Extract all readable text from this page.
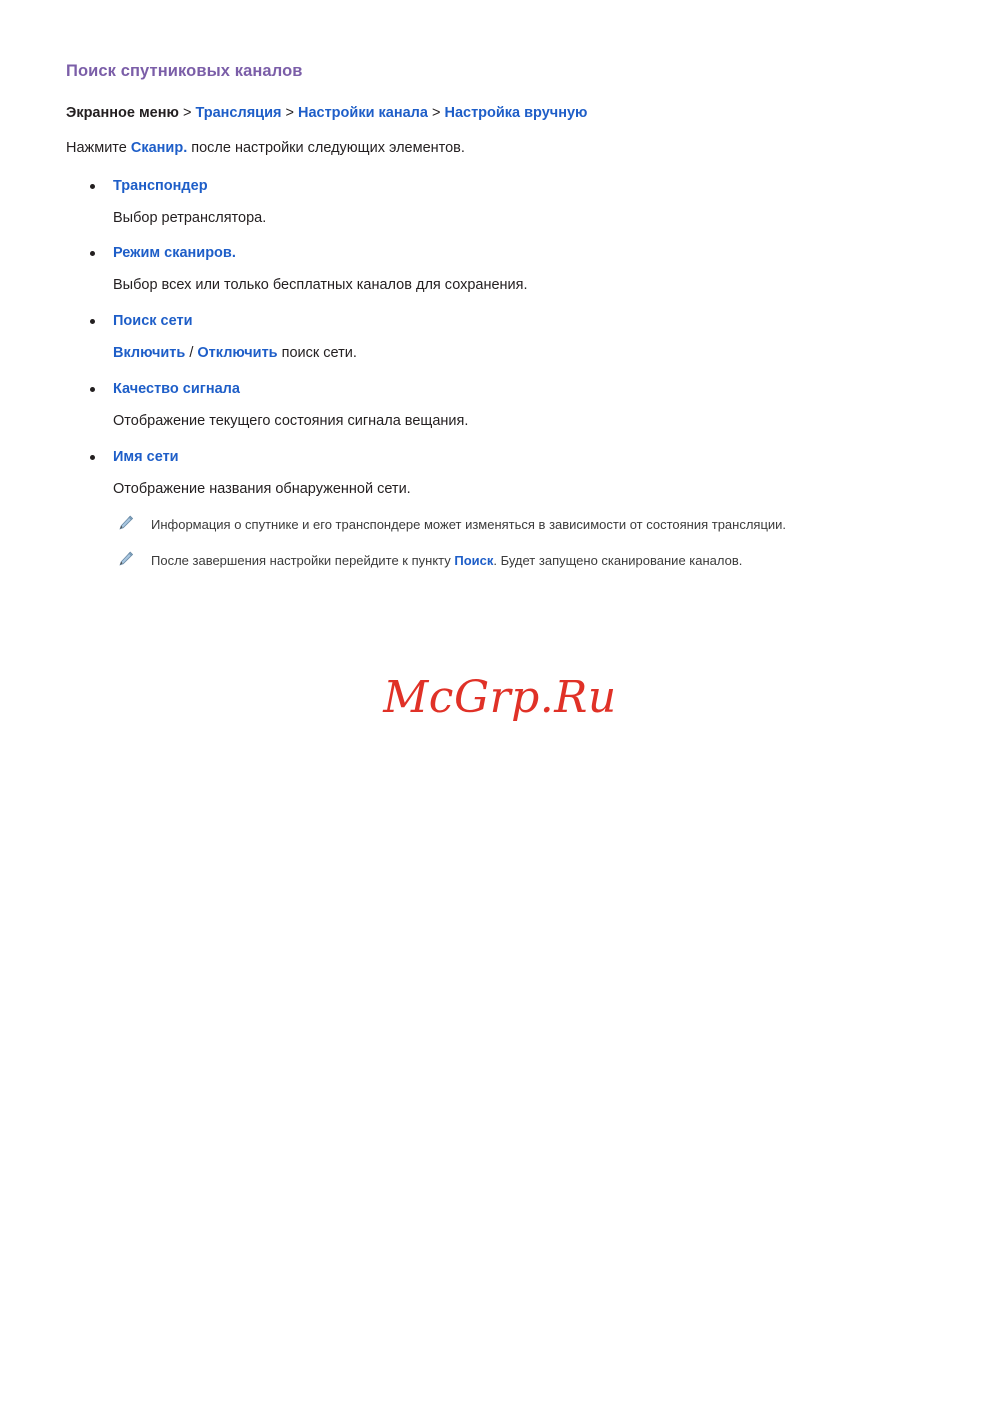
Поиск спутниковых каналов

Экранное меню > Трансляция > Настройки канала > Настройка вручную

Нажмите Сканир. после настройки следующих элементов.

Транспондер
Выбор ретранслятора.
Режим сканиров.
Выбор всех или только бесплатных каналов для сохранения.
Поиск сети
Включить / Отключить поиск сети.
Качество сигнала
Отображение текущего состояния сигнала вещания.
Имя сети
Отображение названия обнаруженной сети.
Информация о спутнике и его транспондере может изменяться в зависимости от состояния трансляции.
После завершения настройки перейдите к пункту Поиск. Будет запущено сканирование каналов.
McGrp.Ru
